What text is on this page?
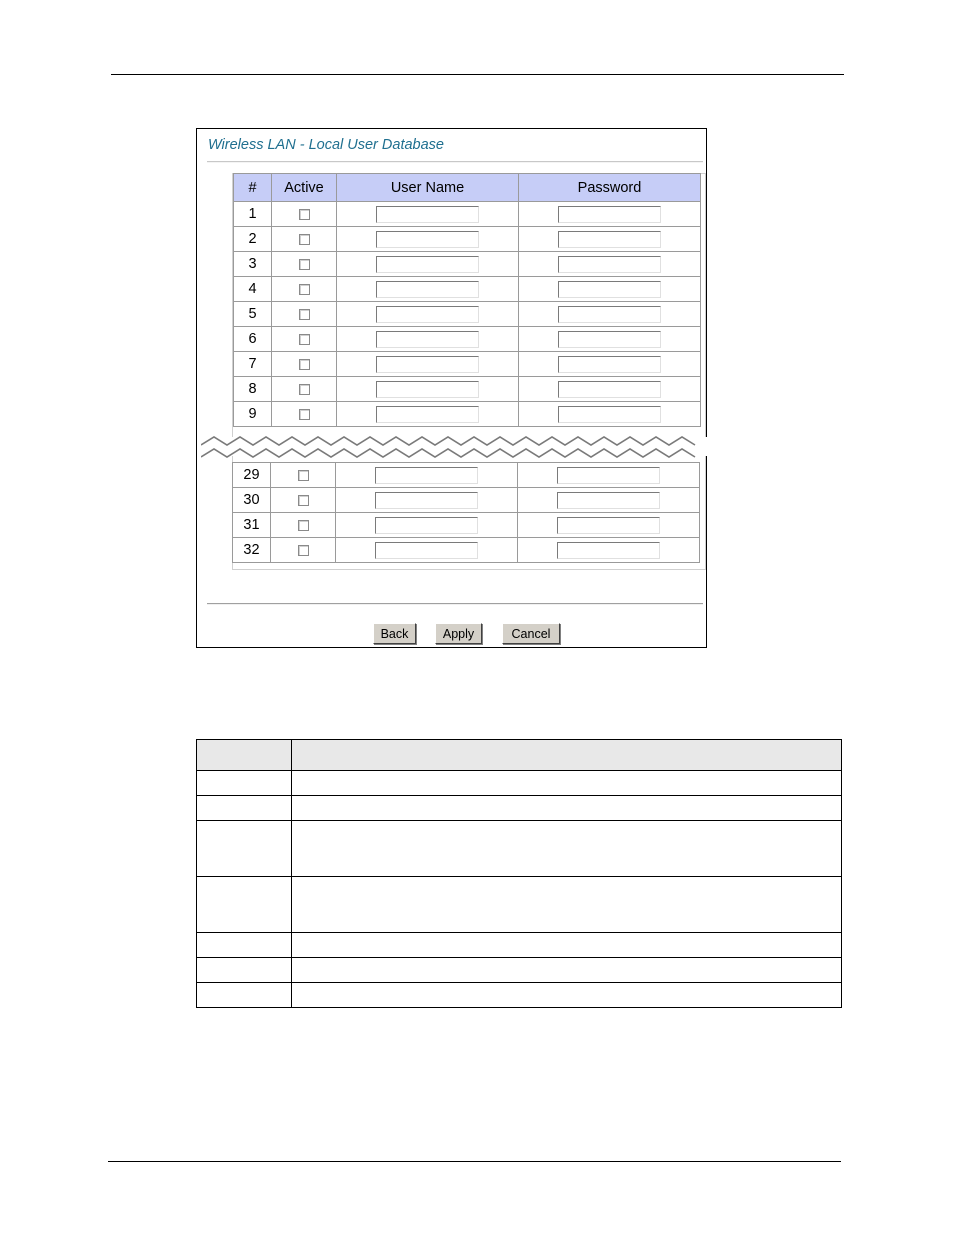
Wireless LAN - Local User Database
#	Active	User Name	Password
1			
2			
3			
4			
5			
6			
7			
8			
9			
29			
30			
31			
32			
Back	Apply	Cancel
